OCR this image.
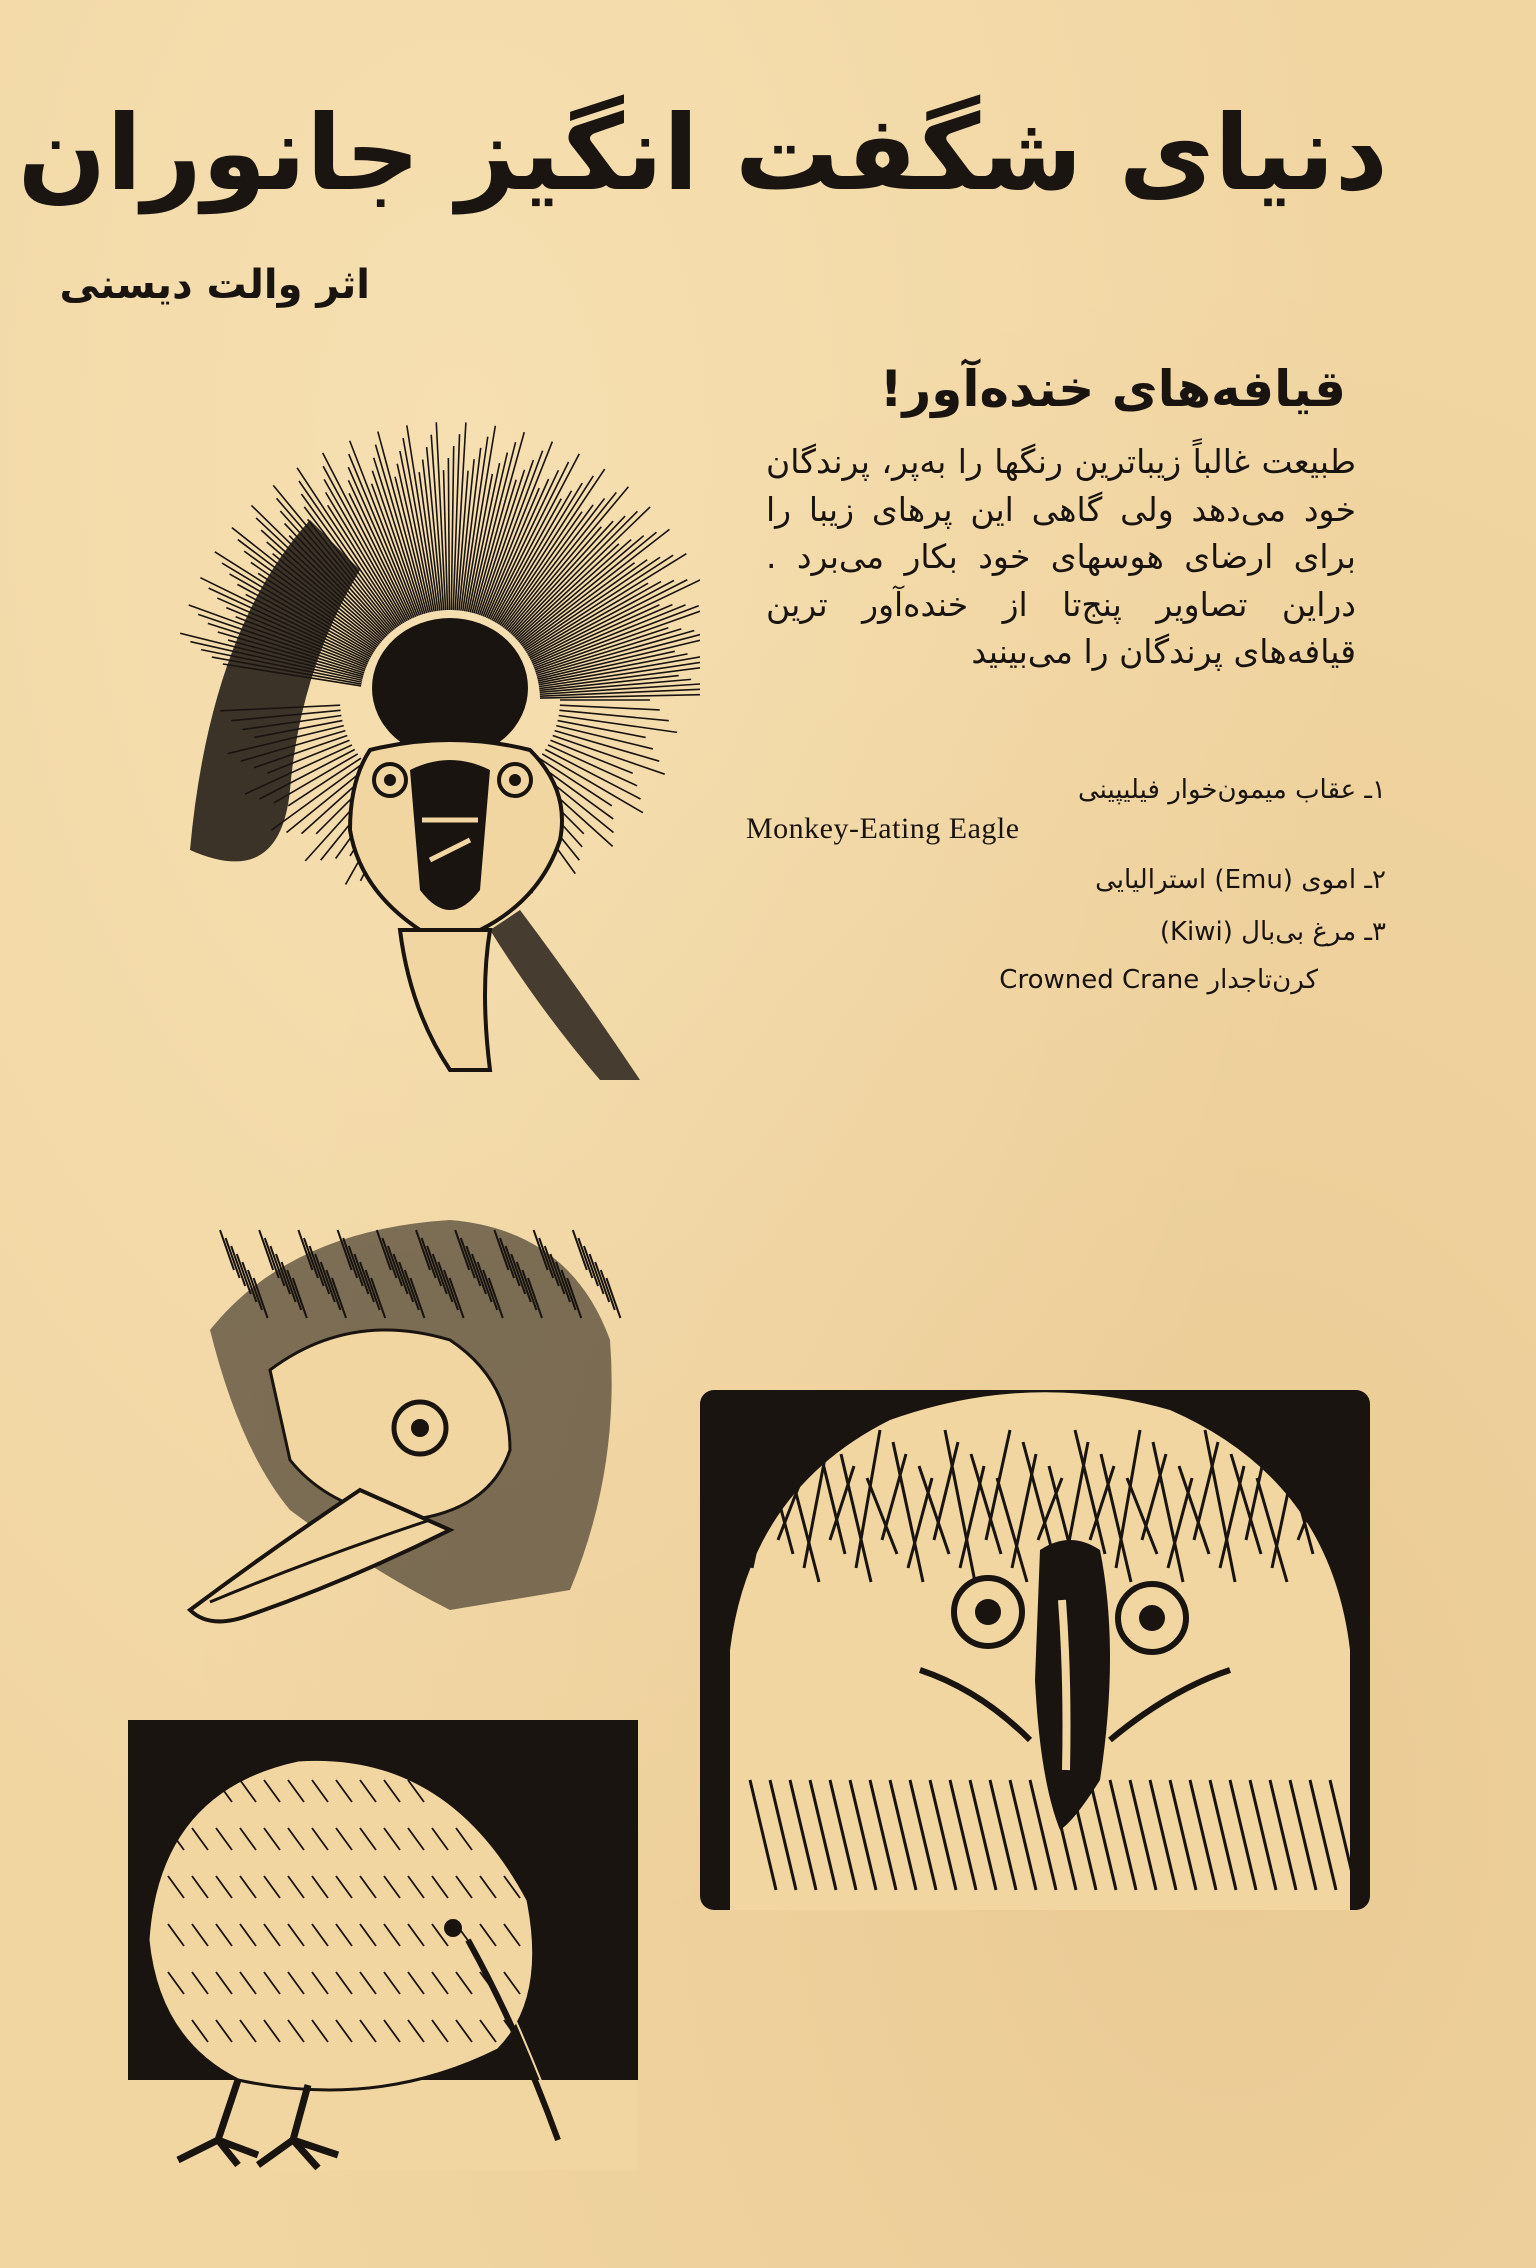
دنیای شگفت انگیز جانوران
اثر والت دیسنی
قیافه‌های خنده‌آور!
طبیعت غالباً زیباترین رنگها را به‌پر، پرندگان خود می‌دهد ولی گاهی این پرهای زیبا را برای ارضای هوسهای خود بکار می‌برد . دراین تصاویر پنج‌تا از خنده‌آور ترین قیافه‌های پرندگان را می‌بینید
۱ـ عقاب میمون‌خوار فیلیپینی
Monkey-Eating Eagle
۲ـ اموی (Emu) استرالیایی
۳ـ مرغ بی‌بال (Kiwi)
کرن‌تاجدار Crowned Crane
